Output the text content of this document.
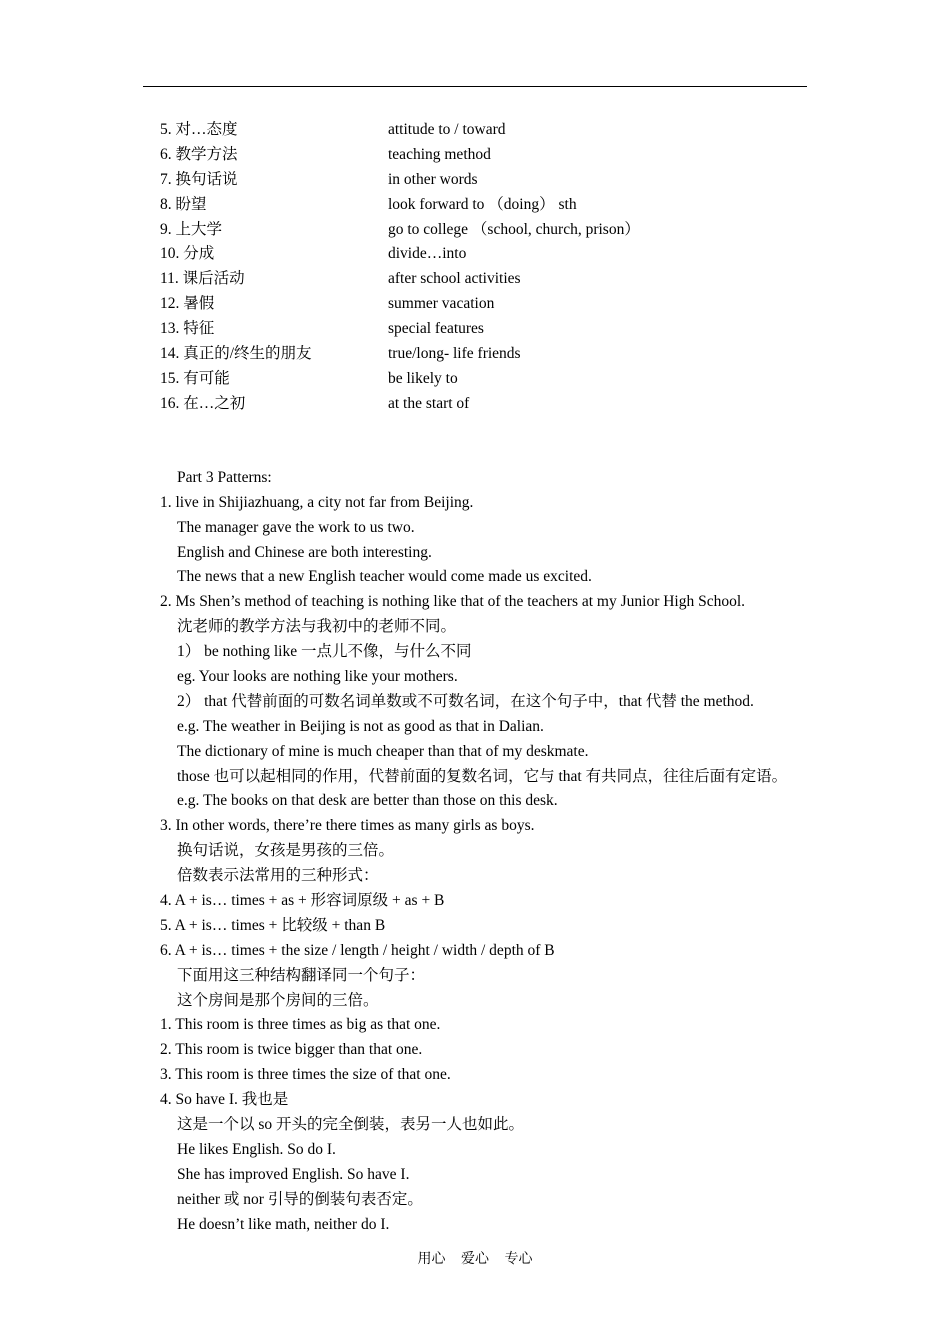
5. 对…态度	attitude to / toward
6. 教学方法	teaching method
7. 换句话说	in other words
8. 盼望	look forward to （doing） sth
9. 上大学	go to college （school, church, prison）
10. 分成	divide…into
11. 课后活动	after school activities
12. 暑假	summer vacation
13. 特征	special features
14. 真正的/终生的朋友	true/long- life friends
15. 有可能	be likely to
16. 在…之初	at the start of
Part 3 Patterns:
1. live in Shijiazhuang, a city not far from Beijing.
The manager gave the work to us two.
English and Chinese are both interesting.
The news that a new English teacher would come made us excited.
2. Ms Shen’s method of teaching is nothing like that of the teachers at my Junior High School.
沈老师的教学方法与我初中的老师不同。
1） be nothing like 一点儿不像，与什么不同
eg. Your looks are nothing like your mothers.
2） that 代替前面的可数名词单数或不可数名词，在这个句子中，that 代替 the method.
e.g. The weather in Beijing is not as good as that in Dalian.
The dictionary of mine is much cheaper than that of my deskmate.
those 也可以起相同的作用，代替前面的复数名词，它与 that 有共同点，往往后面有定语。
e.g. The books on that desk are better than those on this desk.
3. In other words, there’re there times as many girls as boys.
换句话说，女孩是男孩的三倍。
倍数表示法常用的三种形式：
4. A + is… times + as + 形容词原级 + as + B
5. A + is… times + 比较级 + than B
6. A + is… times + the size / length / height / width / depth of B
下面用这三种结构翻译同一个句子：
这个房间是那个房间的三倍。
1. This room is three times as big as that one.
2. This room is twice bigger than that one.
3. This room is three times the size of that one.
4. So have I. 我也是
这是一个以 so 开头的完全倒装，表另一人也如此。
He likes English. So do I.
She has improved English. So have I.
neither 或 nor 引导的倒装句表否定。
He doesn’t like math, neither do I.
用心 爱心 专心
